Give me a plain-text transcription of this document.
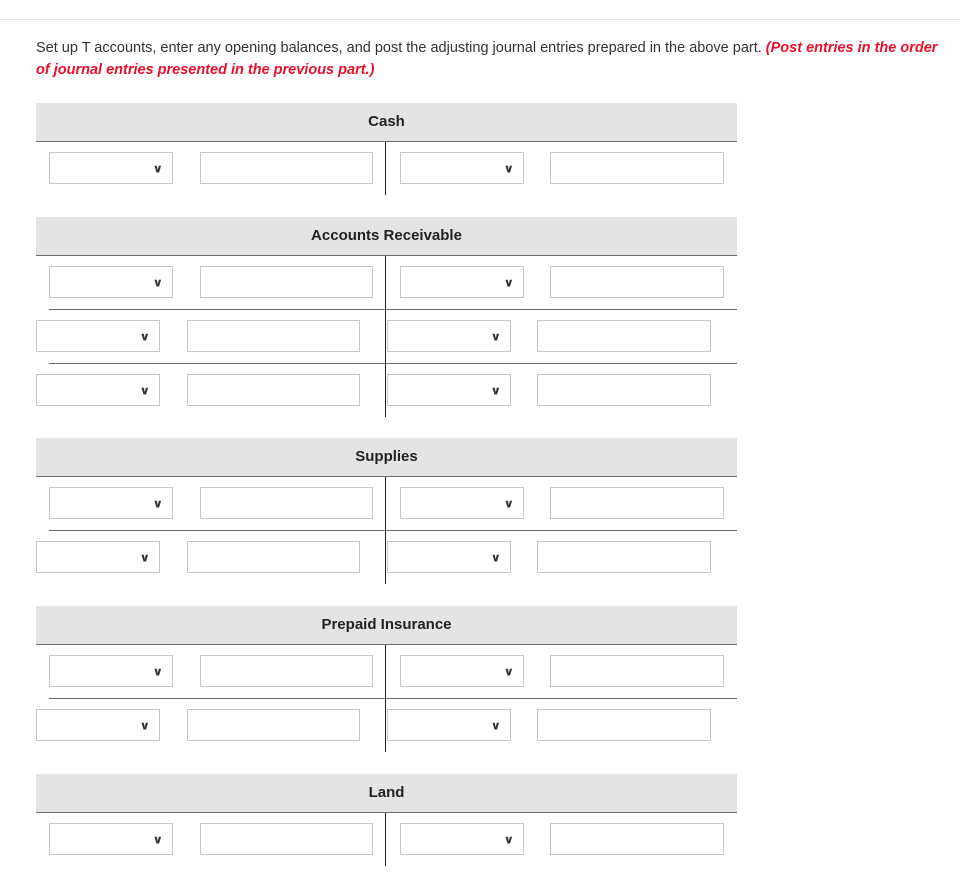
Set up T accounts, enter any opening balances, and post the adjusting journal entries prepared in the above part. (Post entries in the order of journal entries presented in the previous part.)
Cash
∨	∨
Accounts Receivable
∨	∨
∨	∨
∨	∨
Supplies
∨	∨
∨	∨
Prepaid Insurance
∨	∨
∨	∨
Land
∨	∨
